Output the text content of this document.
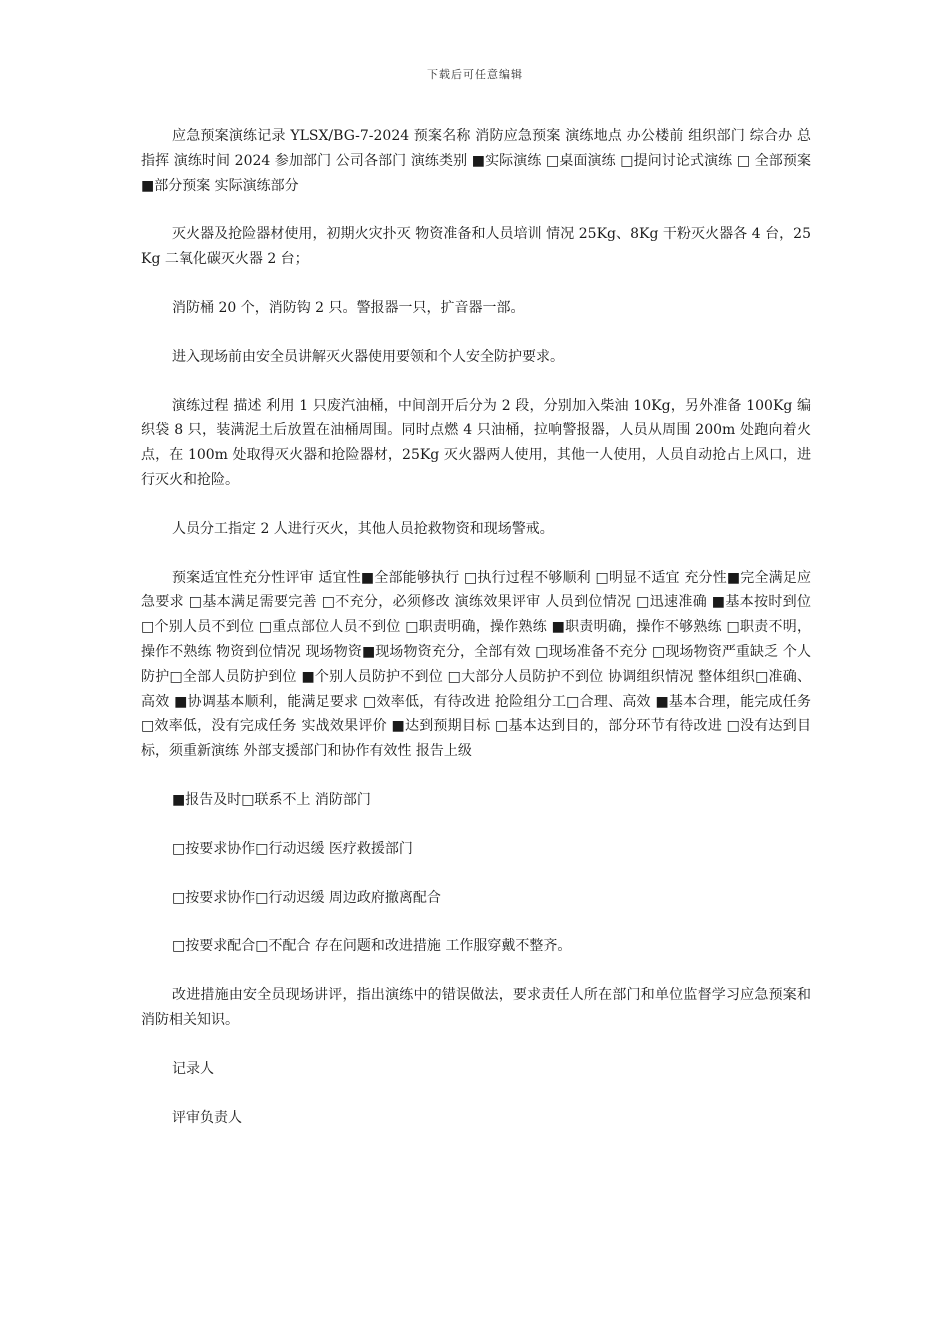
下载后可任意编辑

应急预案演练记录 YLSX/BG-7-2024 预案名称 消防应急预案 演练地点 办公楼前 组织部门 综合办 总指挥 演练时间 2024 参加部门 公司各部门 演练类别 ■实际演练 □桌面演练 □提问讨论式演练 □ 全部预案 ■部分预案 实际演练部分

灭火器及抢险器材使用，初期火灾扑灭 物资准备和人员培训 情况 25Kg、8Kg 干粉灭火器各 4 台，25Kg 二氧化碳灭火器 2 台；

消防桶 20 个，消防钩 2 只。警报器一只，扩音器一部。

进入现场前由安全员讲解灭火器使用要领和个人安全防护要求。

演练过程 描述 利用 1 只废汽油桶，中间剖开后分为 2 段，分别加入柴油 10Kg，另外准备 100Kg 编织袋 8 只，装满泥土后放置在油桶周围。同时点燃 4 只油桶，拉响警报器，人员从周围 200m 处跑向着火点，在 100m 处取得灭火器和抢险器材，25Kg 灭火器两人使用，其他一人使用，人员自动抢占上风口，进行灭火和抢险。

人员分工指定 2 人进行灭火，其他人员抢救物资和现场警戒。

预案适宜性充分性评审 适宜性■全部能够执行 □执行过程不够顺利 □明显不适宜 充分性■完全满足应急要求 □基本满足需要完善 □不充分，必须修改 演练效果评审 人员到位情况 □迅速准确 ■基本按时到位 □个别人员不到位 □重点部位人员不到位 □职责明确，操作熟练 ■职责明确，操作不够熟练 □职责不明，操作不熟练 物资到位情况 现场物资■现场物资充分，全部有效 □现场准备不充分 □现场物资严重缺乏 个人防护□全部人员防护到位 ■个别人员防护不到位 □大部分人员防护不到位 协调组织情况 整体组织□准确、高效 ■协调基本顺利，能满足要求 □效率低，有待改进 抢险组分工□合理、高效 ■基本合理，能完成任务 □效率低，没有完成任务 实战效果评价 ■达到预期目标 □基本达到目的，部分环节有待改进 □没有达到目标，须重新演练 外部支援部门和协作有效性 报告上级

■报告及时□联系不上 消防部门

□按要求协作□行动迟缓 医疗救援部门

□按要求协作□行动迟缓 周边政府撤离配合

□按要求配合□不配合 存在问题和改进措施 工作服穿戴不整齐。

改进措施由安全员现场讲评，指出演练中的错误做法，要求责任人所在部门和单位监督学习应急预案和消防相关知识。

记录人

评审负责人
